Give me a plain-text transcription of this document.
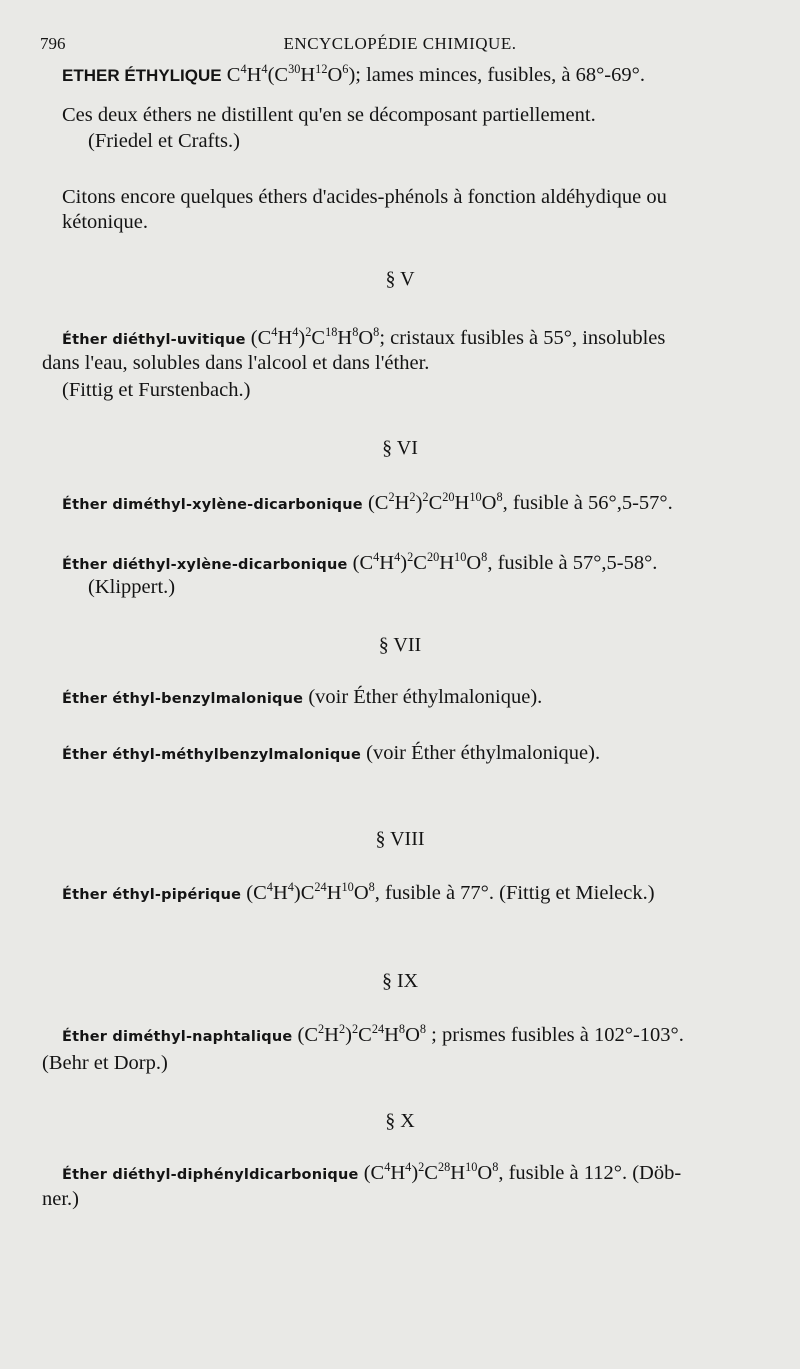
796	ENCYCLOPÉDIE CHIMIQUE.
ETHER ÉTHYLIQUE $C^4H^4(C^{30}H^{12}O^6)$; lames minces, fusibles, à 68°-69°.
Ces deux éthers ne distillent qu'en se décomposant partiellement.
(Friedel et Crafts.)
Citons encore quelques éthers d'acides-phénols à fonction aldéhydique ou
kétonique.
§ V
Éther diéthyl-uvitique $(C^4H^4)^2C^{18}H^8O^8$; cristaux fusibles à 55°, insolubles
dans l'eau, solubles dans l'alcool et dans l'éther.
(Fittig et Furstenbach.)
§ VI
Éther diméthyl-xylène-dicarbonique $(C^2H^2)^2C^{20}H^{10}O^8$, fusible à 56°,5-57°.
Éther diéthyl-xylène-dicarbonique $(C^4H^4)^2C^{20}H^{10}O^8$, fusible à 57°,5-58°.
(Klippert.)
§ VII
Éther éthyl-benzylmalonique (voir Éther éthylmalonique).
Éther éthyl-méthylbenzylmalonique (voir Éther éthylmalonique).
§ VIII
Éther éthyl-pipérique $(C^4H^4)C^{24}H^{10}O^8$, fusible à 77°. (Fittig et Mieleck.)
§ IX
Éther diméthyl-naphtalique $(C^2H^2)^2C^{24}H^8O^8$ ; prismes fusibles à 102°-103°.
(Behr et Dorp.)
§ X
Éther diéthyl-diphényldicarbonique $(C^4H^4)^2C^{28}H^{10}O^8$, fusible à 112°. (Döb-
ner.)
